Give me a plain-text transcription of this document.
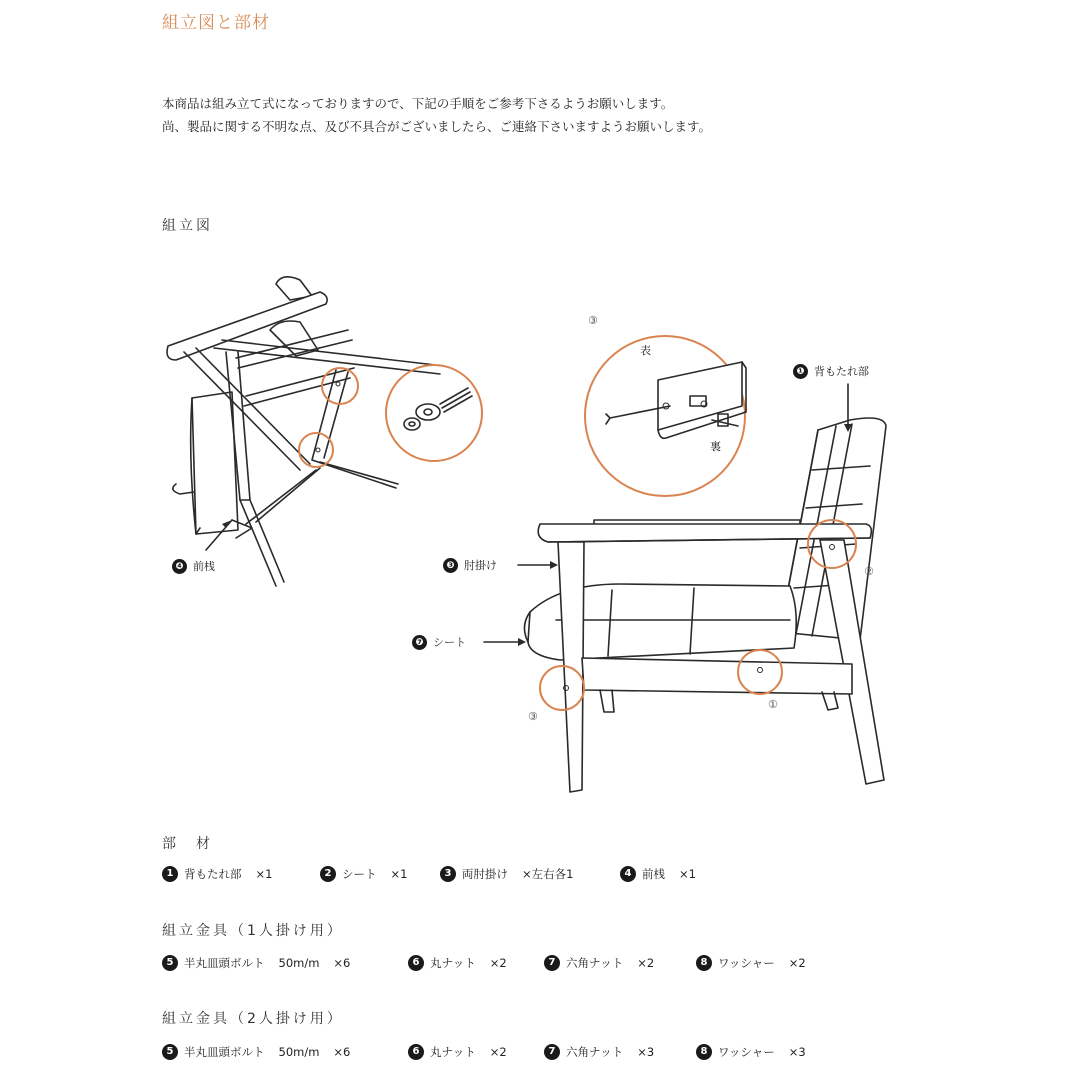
組立図と部材
本商品は組み立て式になっておりますので、下記の手順をご参考下さるようお願いします。
尚、製品に関する不明な点、及び不具合がございましたら、ご連絡下さいますようお願いします。
組立図
❹ 前桟
③
表
裏
❶ 背もたれ部
❸ 肘掛け
❼ シート
②
③
①
部　材
1 背もたれ部 ×1	2 シート ×1	3 両肘掛け ×左右各1	4 前桟 ×1
組立金具（1人掛け用）
5 半丸皿頭ボルト 50m/m ×6	6 丸ナット ×2	7 六角ナット ×2	8 ワッシャー ×2
組立金具（2人掛け用）
5 半丸皿頭ボルト 50m/m ×6	6 丸ナット ×2	7 六角ナット ×3	8 ワッシャー ×3
